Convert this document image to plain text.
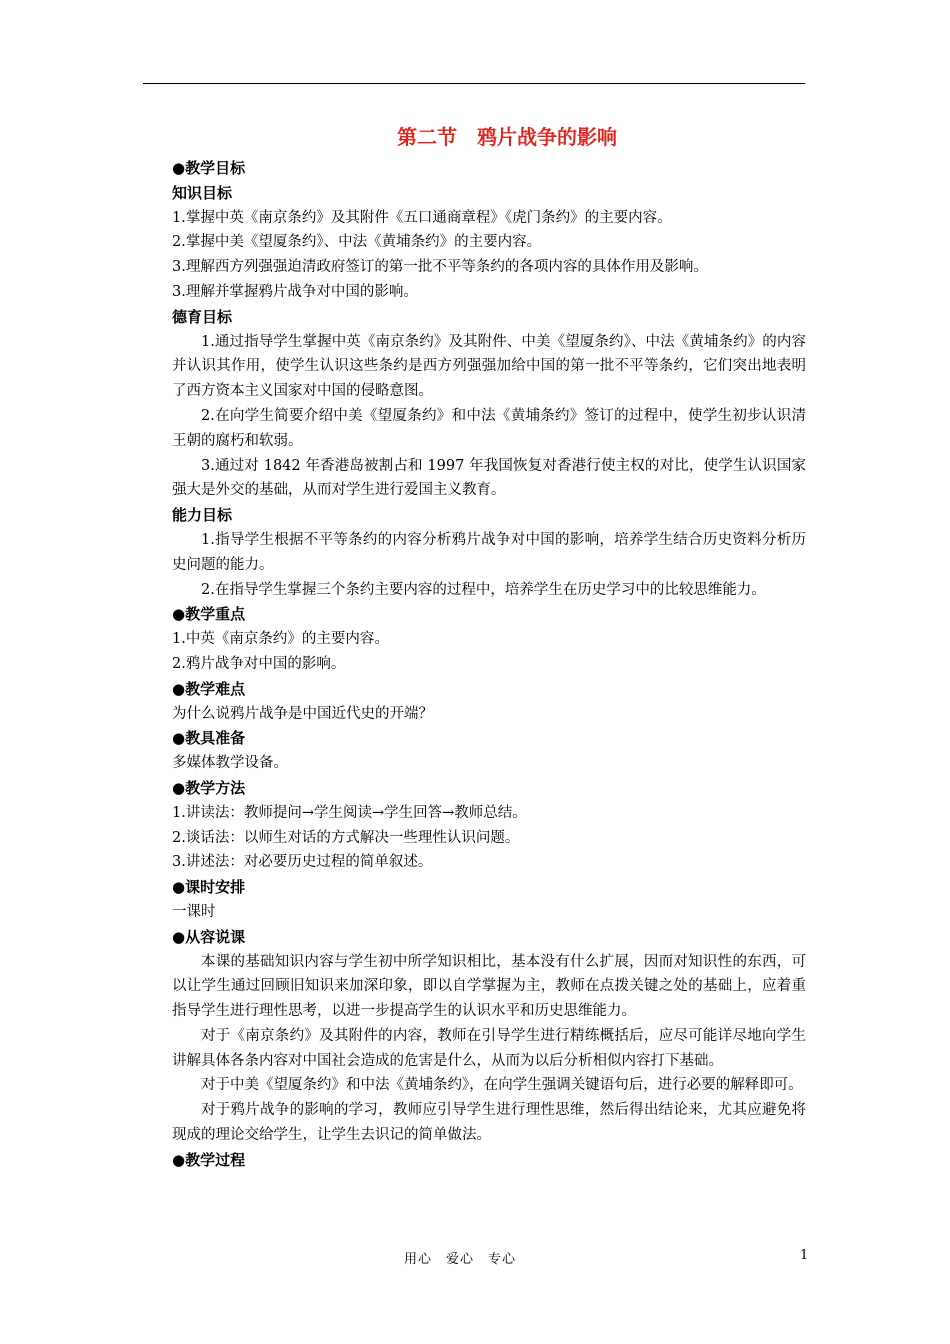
第二节　鸦片战争的影响
●教学目标
知识目标
1.掌握中英《南京条约》及其附件《五口通商章程》《虎门条约》的主要内容。
2.掌握中美《望厦条约》、中法《黄埔条约》的主要内容。
3.理解西方列强强迫清政府签订的第一批不平等条约的各项内容的具体作用及影响。
3.理解并掌握鸦片战争对中国的影响。
德育目标
1.通过指导学生掌握中英《南京条约》及其附件、中美《望厦条约》、中法《黄埔条约》的内容并认识其作用，使学生认识这些条约是西方列强强加给中国的第一批不平等条约，它们突出地表明了西方资本主义国家对中国的侵略意图。
2.在向学生简要介绍中美《望厦条约》和中法《黄埔条约》签订的过程中，使学生初步认识清王朝的腐朽和软弱。
3.通过对 1842 年香港岛被割占和 1997 年我国恢复对香港行使主权的对比，使学生认识国家强大是外交的基础，从而对学生进行爱国主义教育。
能力目标
1.指导学生根据不平等条约的内容分析鸦片战争对中国的影响，培养学生结合历史资料分析历史问题的能力。
2.在指导学生掌握三个条约主要内容的过程中，培养学生在历史学习中的比较思维能力。
●教学重点
1.中英《南京条约》的主要内容。
2.鸦片战争对中国的影响。
●教学难点
为什么说鸦片战争是中国近代史的开端？
●教具准备
多媒体教学设备。
●教学方法
1.讲读法：教师提问→学生阅读→学生回答→教师总结。
2.谈话法：以师生对话的方式解决一些理性认识问题。
3.讲述法：对必要历史过程的简单叙述。
●课时安排
一课时
●从容说课
本课的基础知识内容与学生初中所学知识相比，基本没有什么扩展，因而对知识性的东西，可以让学生通过回顾旧知识来加深印象，即以自学掌握为主，教师在点拨关键之处的基础上，应着重指导学生进行理性思考，以进一步提高学生的认识水平和历史思维能力。
对于《南京条约》及其附件的内容，教师在引导学生进行精练概括后，应尽可能详尽地向学生讲解具体各条内容对中国社会造成的危害是什么，从而为以后分析相似内容打下基础。
对于中美《望厦条约》和中法《黄埔条约》，在向学生强调关键语句后，进行必要的解释即可。
对于鸦片战争的影响的学习，教师应引导学生进行理性思维，然后得出结论来，尤其应避免将现成的理论交给学生，让学生去识记的简单做法。
●教学过程
用心　爱心　专心	1
